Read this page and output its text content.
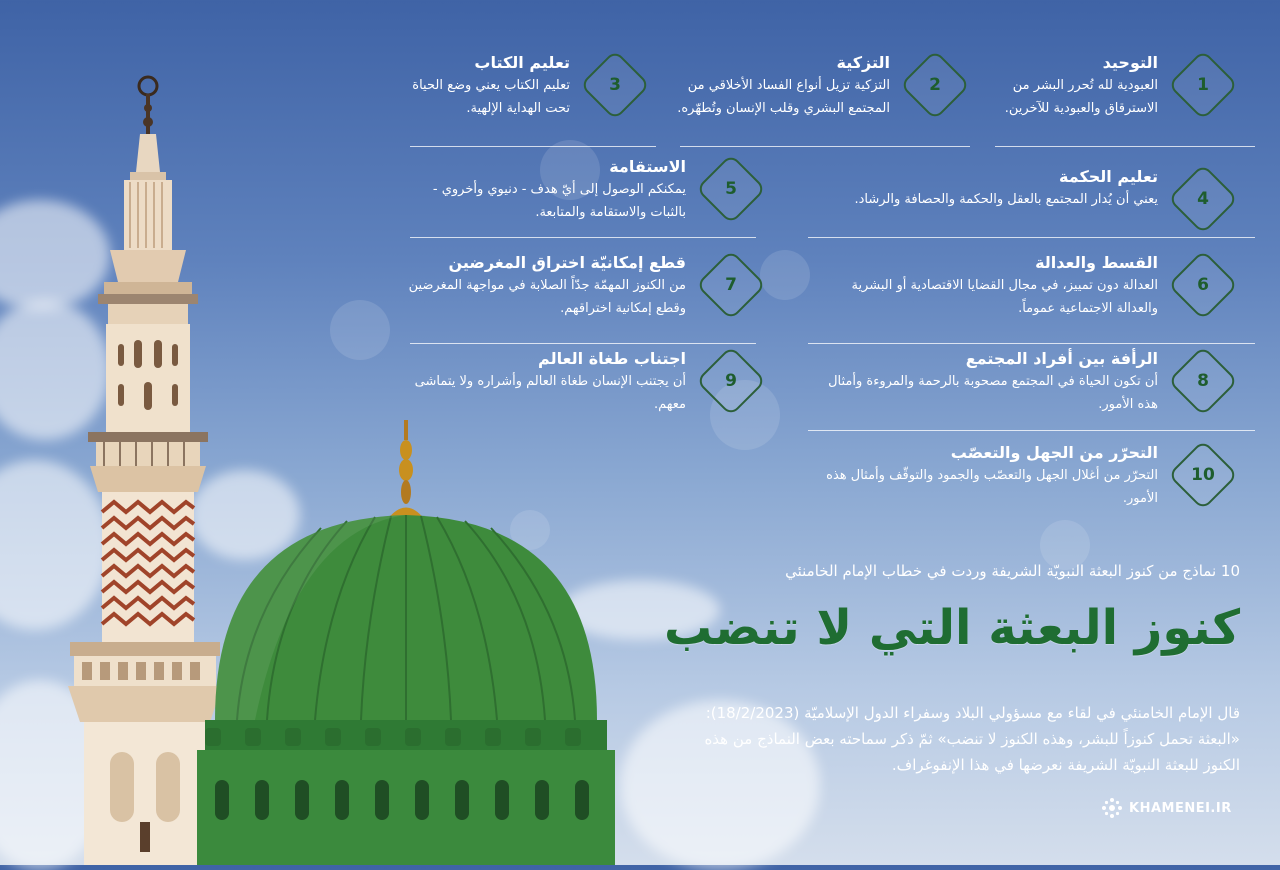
1
التوحيد
العبودية لله تُحرر البشر من الاسترقاق والعبودية للآخرين.
2
التزكية
التزكية تزيل أنواع الفساد الأخلاقي من المجتمع البشري وقلب الإنسان وتُطهّره.
3
تعليم الكتاب
تعليم الكتاب يعني وضع الحياة تحت الهداية الإلهية.
4
تعليم الحكمة
يعني أن يُدار المجتمع بالعقل والحكمة والحصافة والرشاد.
5
الاستقامة
يمكنكم الوصول إلى أيّ هدف - دنيوي وأخروي - بالثبات والاستقامة والمتابعة.
6
القسط والعدالة
العدالة دون تمييز، في مجال القضايا الاقتصادية أو البشرية والعدالة الاجتماعية عموماً.
7
قطع إمكانيّة اختراق المغرضين
من الكنوز المهمّة جدّاً الصلابة في مواجهة المغرضين وقطع إمكانية اختراقهم.
8
الرأفة بين أفراد المجتمع
أن تكون الحياة في المجتمع مصحوبة بالرحمة والمروءة وأمثال هذه الأمور.
9
اجتناب طغاة العالم
أن يجتنب الإنسان طغاة العالم وأشراره ولا يتماشى معهم.
10
التحرّر من الجهل والتعصّب
التحرّر من أغلال الجهل والتعصّب والجمود والتوقّف وأمثال هذه الأمور.
10 نماذج من كنوز البعثة النبويّة الشريفة وردت في خطاب الإمام الخامنئي
كنوز البعثة التي لا تنضب
قال الإمام الخامنئي في لقاء مع مسؤولي البلاد وسفراء الدول الإسلاميّة (18/2/2023): «البعثة تحمل كنوزاً للبشر، وهذه الكنوز لا تنضب» ثمّ ذكر سماحته بعض النماذج من هذه الكنوز للبعثة النبويّة الشريفة نعرضها في هذا الإنفوغراف.
KHAMENEI.IR
